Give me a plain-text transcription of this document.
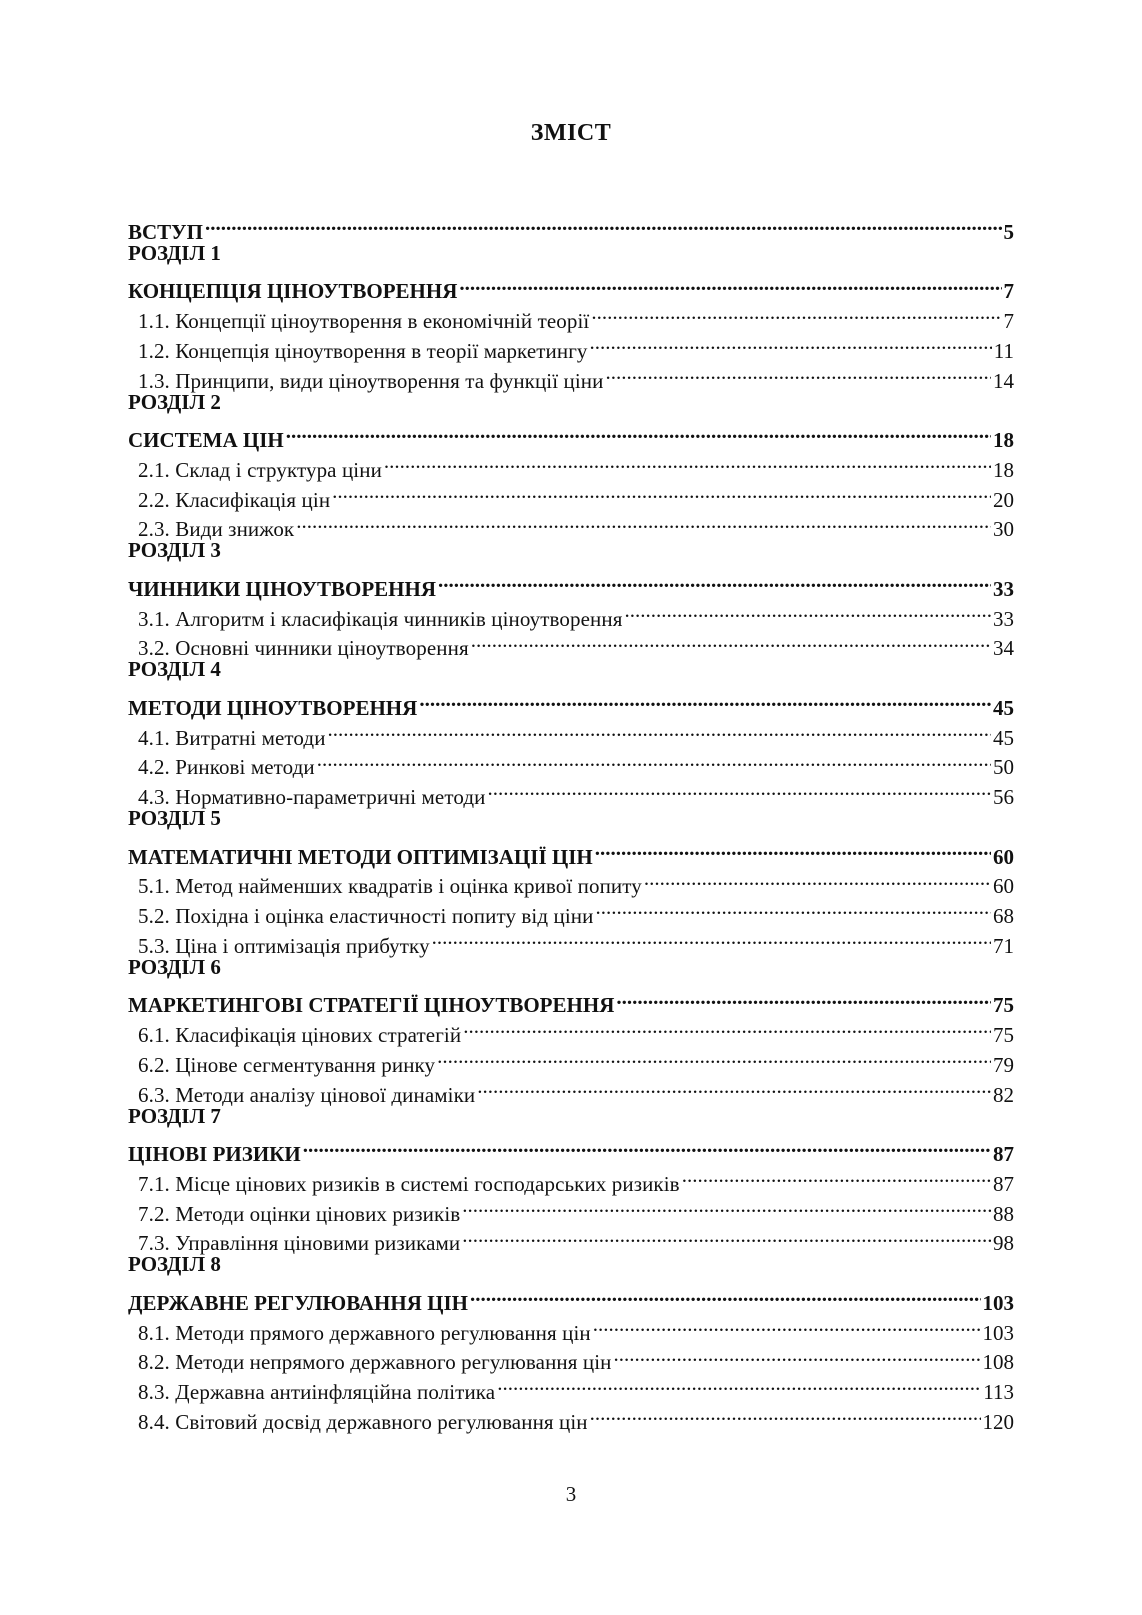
ЗМІСТ
ВСТУП .....	5
РОЗДІЛ 1
КОНЦЕПЦІЯ ЦІНОУТВОРЕННЯ .....	7
1.1. Концепції ціноутворення в економічній теорії .....	7
1.2. Концепція ціноутворення в теорії маркетингу .....	11
1.3. Принципи, види ціноутворення та функції ціни .....	14
РОЗДІЛ 2
СИСТЕМА ЦІН .....	18
2.1. Склад і структура ціни .....	18
2.2. Класифікація цін .....	20
2.3. Види знижок .....	30
РОЗДІЛ 3
ЧИННИКИ ЦІНОУТВОРЕННЯ .....	33
3.1. Алгоритм і класифікація чинників ціноутворення .....	33
3.2. Основні чинники ціноутворення .....	34
РОЗДІЛ 4
МЕТОДИ ЦІНОУТВОРЕННЯ .....	45
4.1. Витратні методи .....	45
4.2. Ринкові методи .....	50
4.3. Нормативно-параметричні методи .....	56
РОЗДІЛ 5
МАТЕМАТИЧНІ МЕТОДИ ОПТИМІЗАЦІЇ ЦІН .....	60
5.1. Метод найменших квадратів і оцінка кривої попиту .....	60
5.2. Похідна і оцінка еластичності попиту від ціни .....	68
5.3. Ціна і оптимізація прибутку .....	71
РОЗДІЛ 6
МАРКЕТИНГОВІ СТРАТЕГІЇ ЦІНОУТВОРЕННЯ .....	75
6.1. Класифікація цінових стратегій .....	75
6.2. Цінове сегментування ринку .....	79
6.3. Методи аналізу цінової динаміки .....	82
РОЗДІЛ 7
ЦІНОВІ РИЗИКИ .....	87
7.1. Місце цінових ризиків в системі господарських ризиків .....	87
7.2. Методи оцінки цінових ризиків .....	88
7.3. Управління ціновими ризиками .....	98
РОЗДІЛ 8
ДЕРЖАВНЕ РЕГУЛЮВАННЯ ЦІН .....	103
8.1. Методи прямого державного регулювання цін .....	103
8.2. Методи непрямого державного регулювання цін .....	108
8.3. Державна антиінфляційна політика .....	113
8.4. Світовий досвід державного регулювання цін .....	120
3
